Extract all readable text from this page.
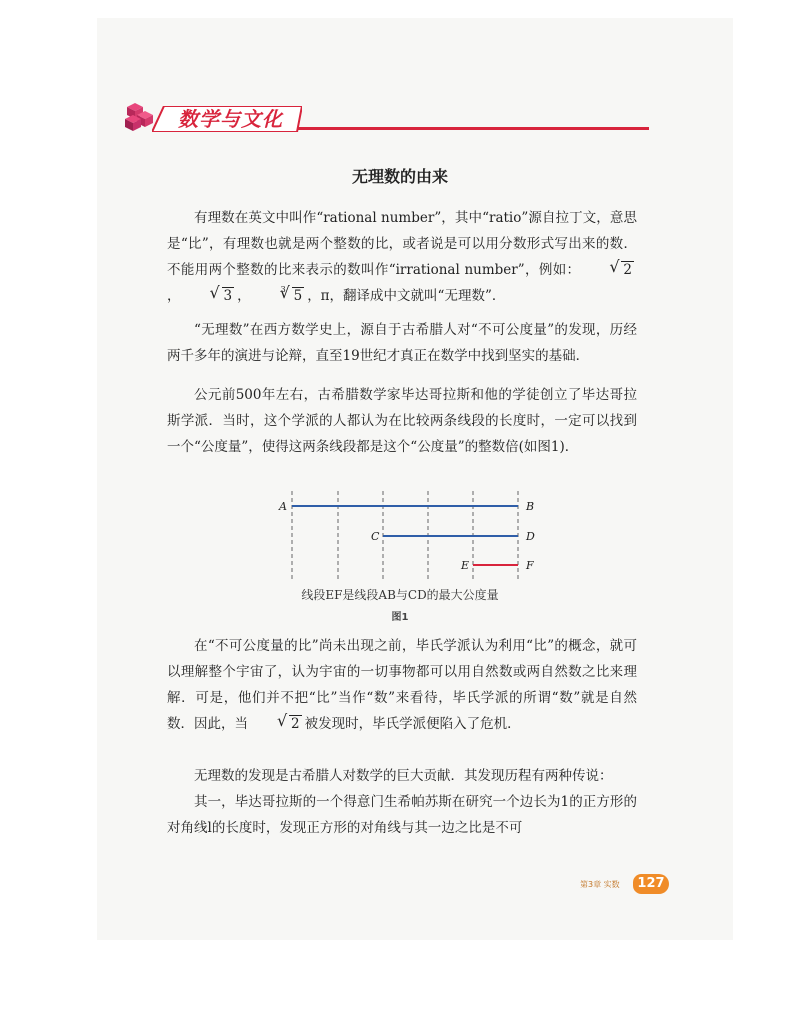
数学与文化
无理数的由来

有理数在英文中叫作“rational number”，其中“ratio”源自拉丁文，意思是“比”，有理数也就是两个整数的比，或者说是可以用分数形式写出来的数．不能用两个整数的比来表示的数叫作“irrational number”，例如：	√ 2，	√ 3 ，	√ 3 5 ，π，翻译成中文就叫“无理数”．

“无理数”在西方数学史上，源自于古希腊人对“不可公度量”的发现，历经两千多年的演进与论辩，直至19世纪才真正在数学中找到坚实的基础．

公元前500年左右，古希腊数学家毕达哥拉斯和他的学徒创立了毕达哥拉斯学派．当时，这个学派的人都认为在比较两条线段的长度时，一定可以找到一个“公度量”，使得这两条线段都是这个“公度量”的整数倍(如图1)．

A	B
C	D
E	F
线段EF是线段AB与CD的最大公度量
图1

在“不可公度量的比”尚未出现之前，毕氏学派认为利用“比”的概念，就可以理解整个宇宙了，认为宇宙的一切事物都可以用自然数或两自然数之比来理解．可是，他们并不把“比”当作“数”来看待，毕氏学派的所谓“数”就是自然数．因此，当	√ 2 被发现时，毕氏学派便陷入了危机．

无理数的发现是古希腊人对数学的巨大贡献．其发现历程有两种传说：

其一，毕达哥拉斯的一个得意门生希帕苏斯在研究一个边长为1的正方形的对角线l的长度时，发现正方形的对角线与其一边之比是不可

第3章 实数	127
